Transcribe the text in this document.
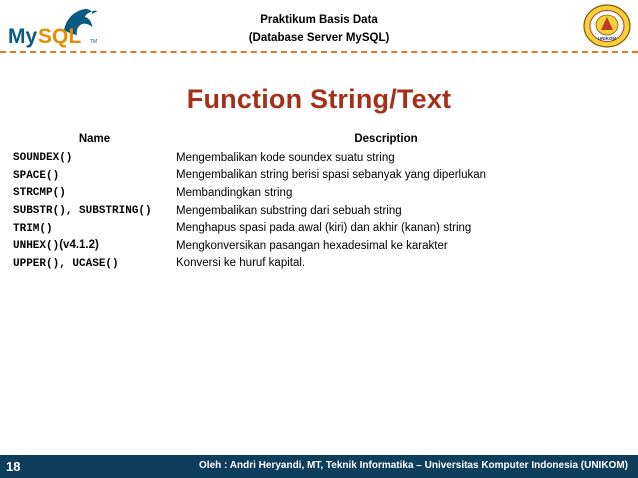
My SQL TM
Praktikum Basis Data
(Database Server MySQL)	UNIKOM
Function String/Text
Name	Description
SOUNDEX()	Mengembalikan kode soundex suatu string
SPACE()	Mengembalikan string berisi spasi sebanyak yang diperlukan
STRCMP()	Membandingkan string
SUBSTR(), SUBSTRING()	Mengembalikan substring dari sebuah string
TRIM()	Menghapus spasi pada awal (kiri) dan akhir (kanan) string
UNHEX()(v4.1.2)	Mengkonversikan pasangan hexadesimal ke karakter
UPPER(), UCASE()	Konversi ke huruf kapital.
18	Oleh : Andri Heryandi, MT, Teknik Informatika – Universitas Komputer Indonesia (UNIKOM)
